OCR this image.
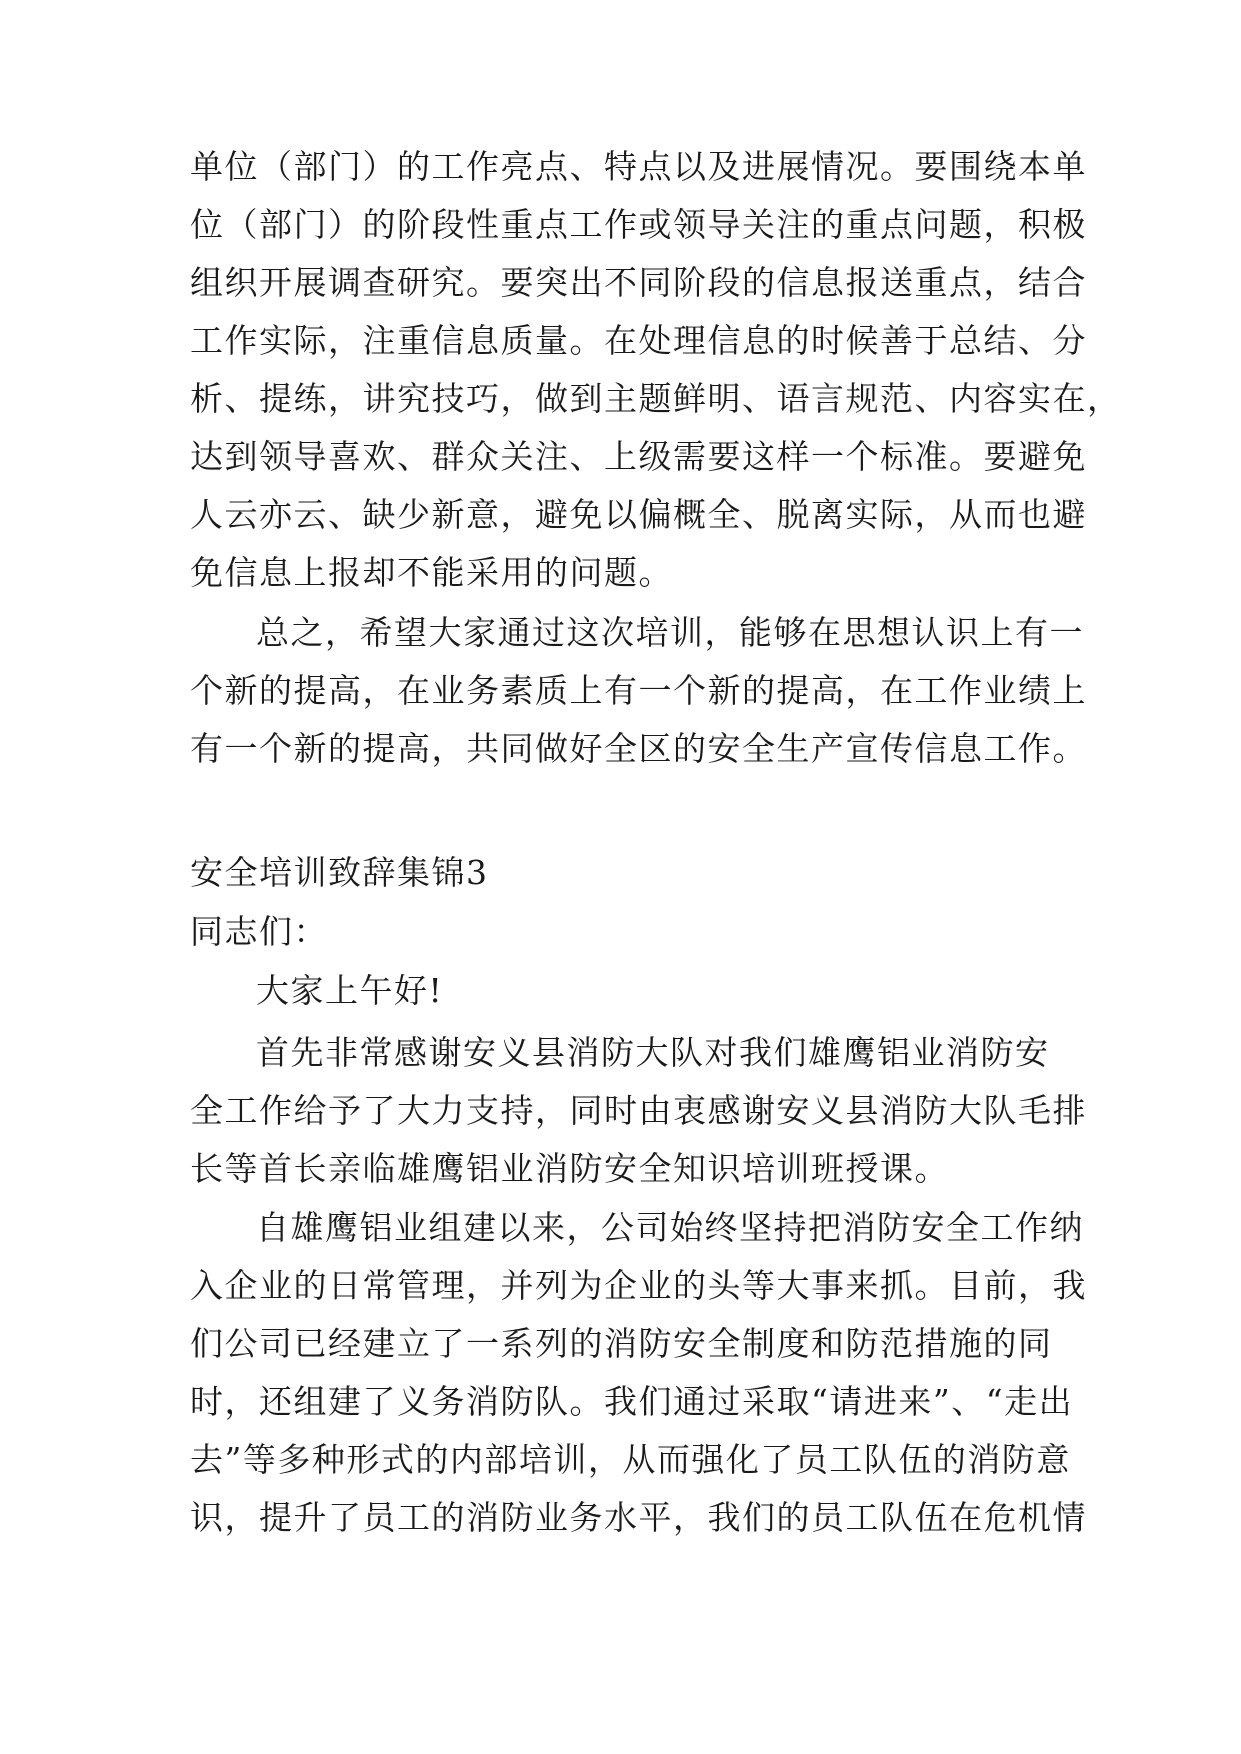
单位（部门）的工作亮点、特点以及进展情况。要围绕本单
位（部门）的阶段性重点工作或领导关注的重点问题，积极
组织开展调查研究。要突出不同阶段的信息报送重点，结合
工作实际，注重信息质量。在处理信息的时候善于总结、分
析、提练，讲究技巧，做到主题鲜明、语言规范、内容实在，
达到领导喜欢、群众关注、上级需要这样一个标准。要避免
人云亦云、缺少新意，避免以偏概全、脱离实际，从而也避
免信息上报却不能采用的问题。
总之，希望大家通过这次培训，能够在思想认识上有一
个新的提高，在业务素质上有一个新的提高，在工作业绩上
有一个新的提高，共同做好全区的安全生产宣传信息工作。
安全培训致辞集锦3
同志们：
大家上午好!
首先非常感谢安义县消防大队对我们雄鹰铝业消防安
全工作给予了大力支持，同时由衷感谢安义县消防大队毛排
长等首长亲临雄鹰铝业消防安全知识培训班授课。
自雄鹰铝业组建以来，公司始终坚持把消防安全工作纳
入企业的日常管理，并列为企业的头等大事来抓。目前，我
们公司已经建立了一系列的消防安全制度和防范措施的同
时，还组建了义务消防队。我们通过采取“请进来”、“走出
去”等多种形式的内部培训，从而强化了员工队伍的消防意
识，提升了员工的消防业务水平，我们的员工队伍在危机情
